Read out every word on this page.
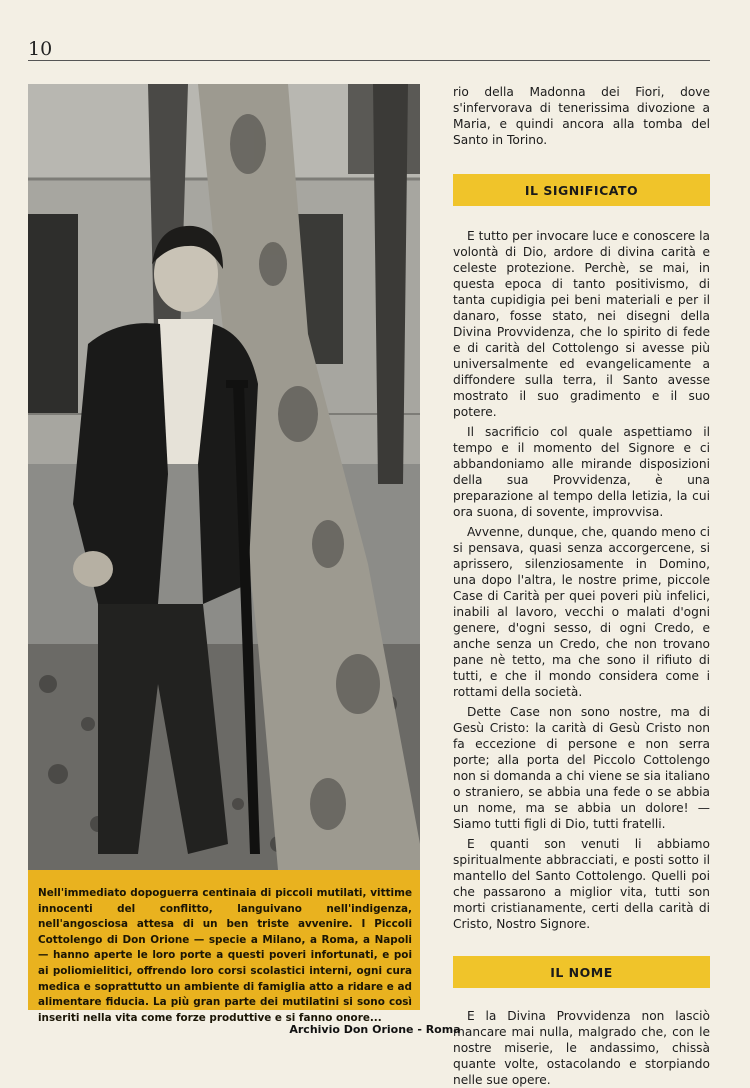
10

Nell'immediato dopoguerra centinaia di piccoli mutilati, vittime innocenti del conflitto, languivano nell'indigenza, nell'angosciosa attesa di un ben triste avvenire. I Piccoli Cottolengo di Don Orione — specie a Milano, a Roma, a Napoli — hanno aperte le loro porte a questi poveri infortunati, e poi ai poliomielitici, offrendo loro corsi scolastici interni, ogni cura medica e soprattutto un ambiente di famiglia atto a ridare e ad alimentare fiducia. La più gran parte dei mutilatini si sono così inseriti nella vita come forze produttive e si fanno onore...

rio della Madonna dei Fiori, dove s'infervorava di tenerissima divozione a Maria, e quindi ancora alla tomba del Santo in Torino.

IL SIGNIFICATO

E tutto per invocare luce e conoscere la volontà di Dio, ardore di divina carità e celeste protezione. Perchè, se mai, in questa epoca di tanto positivismo, di tanta cupidigia pei beni materiali e per il danaro, fosse stato, nei disegni della Divina Provvidenza, che lo spirito di fede e di carità del Cottolengo si avesse più universalmente ed evangelicamente a diffondere sulla terra, il Santo avesse mostrato il suo gradimento e il suo potere.

Il sacrificio col quale aspettiamo il tempo e il momento del Signore e ci abbandoniamo alle mirande disposizioni della sua Provvidenza, è una preparazione al tempo della letizia, la cui ora suona, di sovente, improvvisa.

Avvenne, dunque, che, quando meno ci si pensava, quasi senza accorgercene, si aprissero, silenziosamente in Domino, una dopo l'altra, le nostre prime, piccole Case di Carità per quei poveri più infelici, inabili al lavoro, vecchi o malati d'ogni genere, d'ogni sesso, di ogni Credo, e anche senza un Credo, che non trovano pane nè tetto, ma che sono il rifiuto di tutti, e che il mondo considera come i rottami della società.

Dette Case non sono nostre, ma di Gesù Cristo: la carità di Gesù Cristo non fa eccezione di persone e non serra porte; alla porta del Piccolo Cottolengo non si domanda a chi viene se sia italiano o straniero, se abbia una fede o se abbia un nome, ma se abbia un dolore! — Siamo tutti figli di Dio, tutti fratelli.

E quanti son venuti li abbiamo spiritualmente abbracciati, e posti sotto il mantello del Santo Cottolengo. Quelli poi che passarono a miglior vita, tutti son morti cristianamente, certi della carità di Cristo, Nostro Signore.

IL NOME

E la Divina Provvidenza non lasciò mancare mai nulla, malgrado che, con le nostre miserie, le andassimo, chissà quante volte, ostacolando e storpiando nelle sue opere.

Archivio Don Orione - Roma
